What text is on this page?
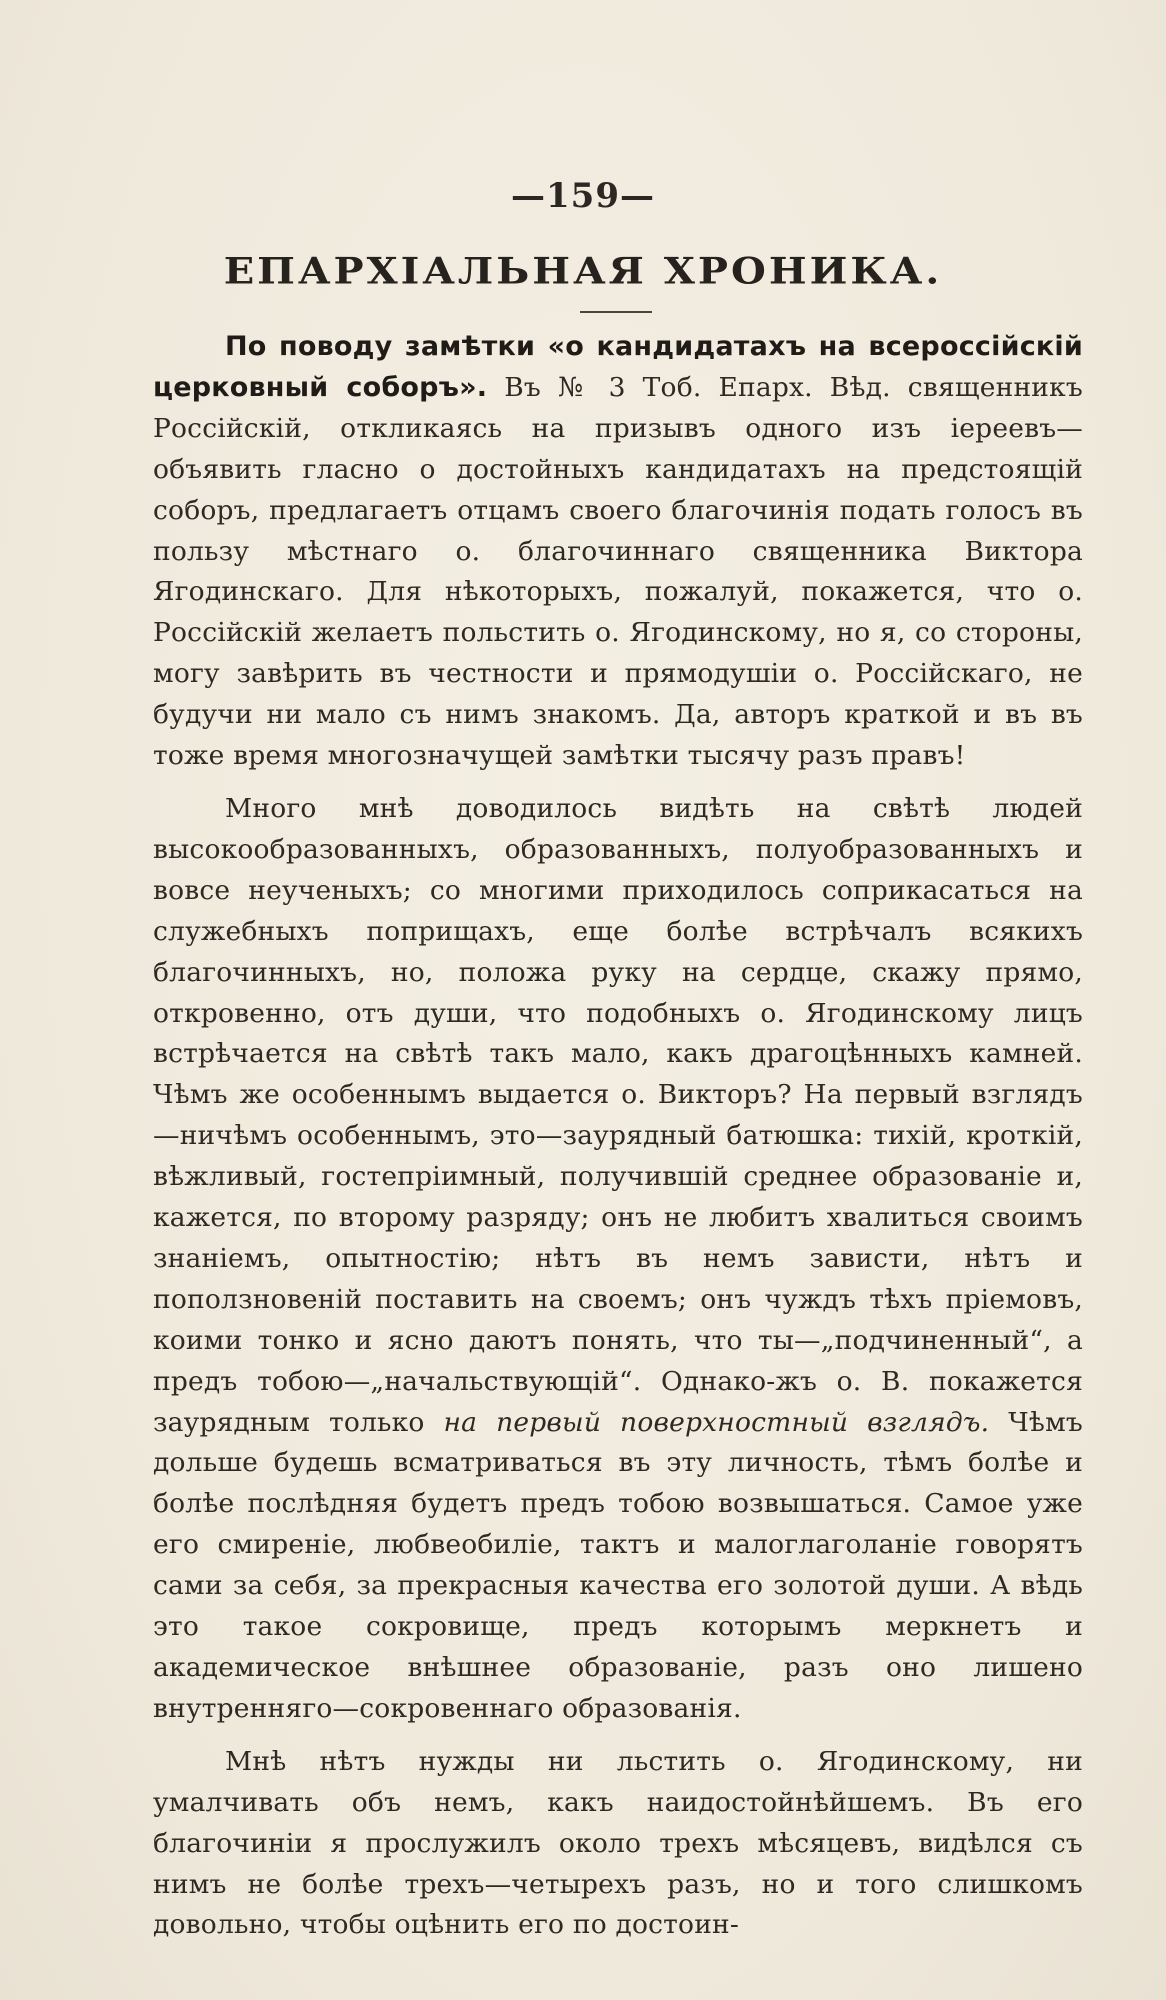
—159—
ЕПАРХІАЛЬНАЯ ХРОНИКА.

По поводу замѣтки «о кандидатахъ на всероссійскій церковный соборъ». Въ № 3 Тоб. Епарх. Вѣд. священникъ Россійскій, откликаясь на призывъ одного изъ іереевъ—объявить гласно о достойныхъ кандидатахъ на предстоящій соборъ, предлагаетъ отцамъ своего благочинія подать голосъ въ пользу мѣстнаго о. благочиннаго священника Виктора Ягодинскаго. Для нѣкоторыхъ, пожалуй, покажется, что о. Россійскій желаетъ польстить о. Ягодинскому, но я, со стороны, могу завѣрить въ честности и прямодушіи о. Россійскаго, не будучи ни мало съ нимъ знакомъ. Да, авторъ краткой и въ въ тоже время многозначущей замѣтки тысячу разъ правъ!

Много мнѣ доводилось видѣть на свѣтѣ людей высокообразованныхъ, образованныхъ, полуобразованныхъ и вовсе неученыхъ; со многими приходилось соприкасаться на служебныхъ поприщахъ, еще болѣе встрѣчалъ всякихъ благочинныхъ, но, положа руку на сердце, скажу прямо, откровенно, отъ души, что подобныхъ о. Ягодинскому лицъ встрѣчается на свѣтѣ такъ мало, какъ драгоцѣнныхъ камней. Чѣмъ же особеннымъ выдается о. Викторъ? На первый взглядъ—ничѣмъ особеннымъ, это—заурядный батюшка: тихій, кроткій, вѣжливый, гостепріимный, получившій среднее образованіе и, кажется, по второму разряду; онъ не любитъ хвалиться своимъ знаніемъ, опытностію; нѣтъ въ немъ зависти, нѣтъ и поползновеній поставить на своемъ; онъ чуждъ тѣхъ пріемовъ, коими тонко и ясно даютъ понять, что ты—„подчиненный“, а предъ тобою—„начальствующій“. Однако-жъ о. В. покажется заурядным только на первый поверхностный взглядъ. Чѣмъ дольше будешь всматриваться въ эту личность, тѣмъ болѣе и болѣе послѣдняя будетъ предъ тобою возвышаться. Самое уже его смиреніе, любвеобиліе, тактъ и малоглаголаніе говорятъ сами за себя, за прекрасныя качества его золотой души. А вѣдь это такое сокровище, предъ которымъ меркнетъ и академическое внѣшнее образованіе, разъ оно лишено внутренняго—сокровеннаго образованія.

Мнѣ нѣтъ нужды ни льстить о. Ягодинскому, ни умалчивать объ немъ, какъ наидостойнѣйшемъ. Въ его благочиніи я прослужилъ около трехъ мѣсяцевъ, видѣлся съ нимъ не болѣе трехъ—четырехъ разъ, но и того слишкомъ довольно, чтобы оцѣнить его по достоин-
